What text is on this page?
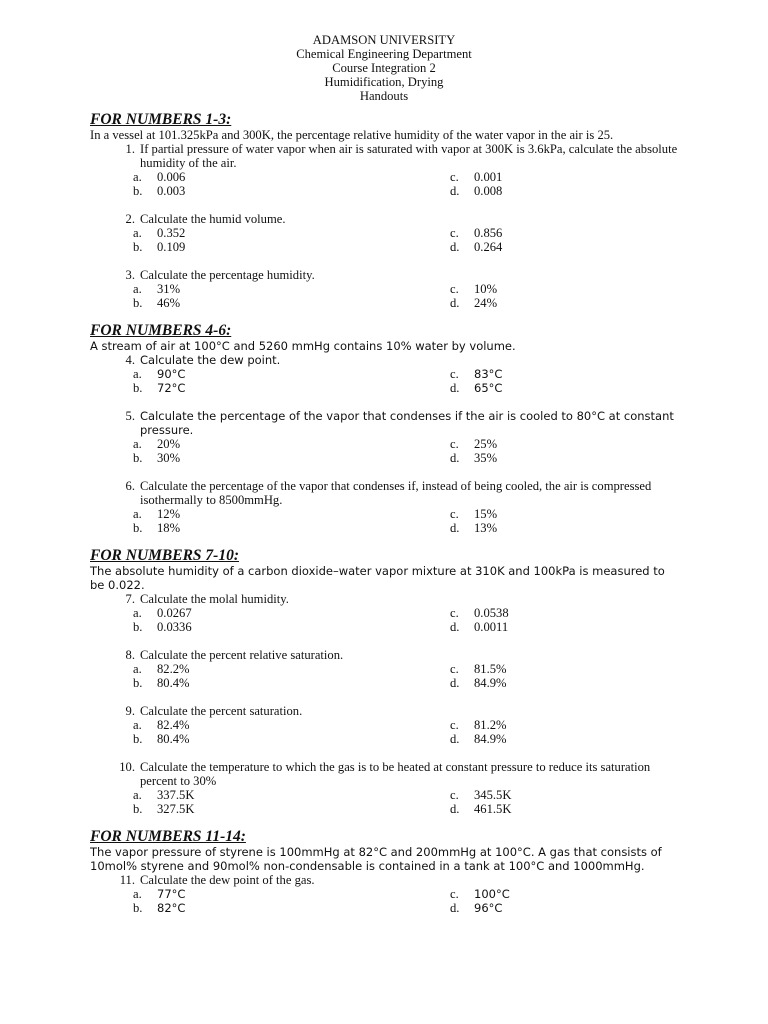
ADAMSON UNIVERSITY
Chemical Engineering Department
Course Integration 2
Humidification, Drying
Handouts
FOR NUMBERS 1-3:
In a vessel at 101.325kPa and 300K, the percentage relative humidity of the water vapor in the air is 25.
1. If partial pressure of water vapor when air is saturated with vapor at 300K is 3.6kPa, calculate the absolute humidity of the air.
a.	0.006	c.	0.001
b.	0.003	d.	0.008
2. Calculate the humid volume.
a.	0.352	c.	0.856
b.	0.109	d.	0.264
3. Calculate the percentage humidity.
a.	31%	c.	10%
b.	46%	d.	24%
FOR NUMBERS 4-6:
A stream of air at 100°C and 5260 mmHg contains 10% water by volume.
4. Calculate the dew point.
a.	90°C	c.	83°C
b.	72°C	d.	65°C
5. Calculate the percentage of the vapor that condenses if the air is cooled to 80°C at constant pressure.
a.	20%	c.	25%
b.	30%	d.	35%
6. Calculate the percentage of the vapor that condenses if, instead of being cooled, the air is compressed isothermally to 8500mmHg.
a.	12%	c.	15%
b.	18%	d.	13%
FOR NUMBERS 7-10:
The absolute humidity of a carbon dioxide–water vapor mixture at 310K and 100kPa is measured to be 0.022.
7. Calculate the molal humidity.
a.	0.0267	c.	0.0538
b.	0.0336	d.	0.0011
8. Calculate the percent relative saturation.
a.	82.2%	c.	81.5%
b.	80.4%	d.	84.9%
9. Calculate the percent saturation.
a.	82.4%	c.	81.2%
b.	80.4%	d.	84.9%
10. Calculate the temperature to which the gas is to be heated at constant pressure to reduce its saturation percent to 30%
a.	337.5K	c.	345.5K
b.	327.5K	d.	461.5K
FOR NUMBERS 11-14:
The vapor pressure of styrene is 100mmHg at 82°C and 200mmHg at 100°C. A gas that consists of 10mol% styrene and 90mol% non-condensable is contained in a tank at 100°C and 1000mmHg.
11. Calculate the dew point of the gas.
a.	77°C	c.	100°C
b.	82°C	d.	96°C
